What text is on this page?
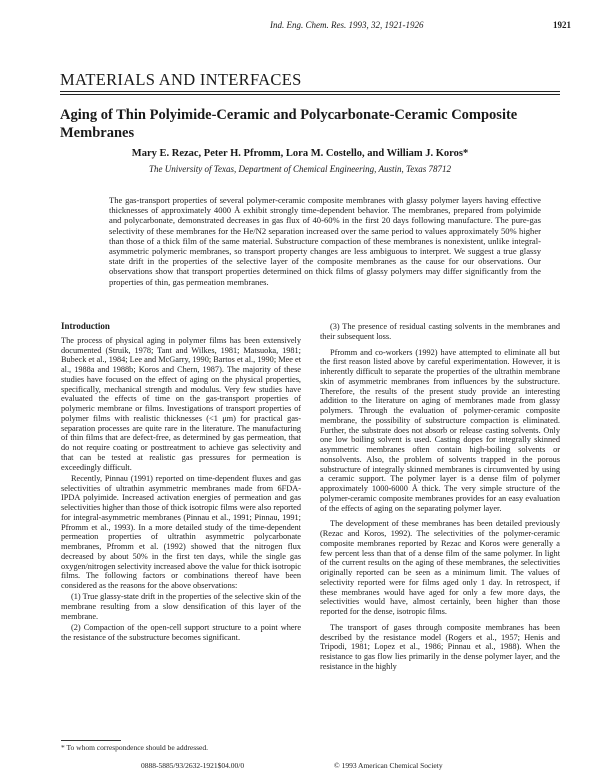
Ind. Eng. Chem. Res. 1993, 32, 1921-1926	1921
MATERIALS AND INTERFACES
Aging of Thin Polyimide-Ceramic and Polycarbonate-Ceramic Composite Membranes
Mary E. Rezac, Peter H. Pfromm, Lora M. Costello, and William J. Koros*
The University of Texas, Department of Chemical Engineering, Austin, Texas 78712

The gas-transport properties of several polymer-ceramic composite membranes with glassy polymer layers having effective thicknesses of approximately 4000 Å exhibit strongly time-dependent behavior. The membranes, prepared from polyimide and polycarbonate, demonstrated decreases in gas flux of 40-60% in the first 20 days following manufacture. The pure-gas selectivity of these membranes for the He/N2 separation increased over the same period to values approximately 50% higher than those of a thick film of the same material. Substructure compaction of these membranes is nonexistent, unlike integral-asymmetric polymeric membranes, so transport property changes are less ambiguous to interpret. We suggest a true glassy state drift in the properties of the selective layer of the composite membranes as the cause for our observations. Our observations show that transport properties determined on thick films of glassy polymers may differ significantly from the properties of thin, gas permeation membranes.

Introduction

The process of physical aging in polymer films has been extensively documented (Struik, 1978; Tant and Wilkes, 1981; Matsuoka, 1981; Bubeck et al., 1984; Lee and McGarry, 1990; Bartos et al., 1990; Mee et al., 1988a and 1988b; Koros and Chern, 1987). The majority of these studies have focused on the effect of aging on the physical properties, specifically, mechanical strength and modulus. Very few studies have evaluated the effects of time on the gas-transport properties of polymeric membrane or films. Investigations of transport properties of polymer films with realistic thicknesses (<1 μm) for practical gas-separation processes are quite rare in the literature. The manufacturing of thin films that are defect-free, as determined by gas permeation, that do not require coating or posttreatment to achieve gas selectivity and that can be tested at realistic gas pressures for permeation is exceedingly difficult.

Recently, Pinnau (1991) reported on time-dependent fluxes and gas selectivities of ultrathin asymmetric membranes made from 6FDA-IPDA polyimide. Increased activation energies of permeation and gas selectivities higher than those of thick isotropic films were also reported for integral-asymmetric membranes (Pinnau et al., 1991; Pinnau, 1991; Pfromm et al., 1993). In a more detailed study of the time-dependent permeation properties of ultrathin asymmetric polycarbonate membranes, Pfromm et al. (1992) showed that the nitrogen flux decreased by about 50% in the first ten days, while the single gas oxygen/nitrogen selectivity increased above the value for thick isotropic films. The following factors or combinations thereof have been considered as the reasons for the above observations:

(1) True glassy-state drift in the properties of the selective skin of the membrane resulting from a slow densification of this layer of the membrane.

(2) Compaction of the open-cell support structure to a point where the resistance of the substructure becomes significant.

(3) The presence of residual casting solvents in the membranes and their subsequent loss.

Pfromm and co-workers (1992) have attempted to eliminate all but the first reason listed above by careful experimentation. However, it is inherently difficult to separate the properties of the ultrathin membrane skin of asymmetric membranes from influences by the substructure. Therefore, the results of the present study provide an interesting addition to the literature on aging of membranes made from glassy polymers. Through the evaluation of polymer-ceramic composite membrane, the possibility of substructure compaction is eliminated. Further, the substrate does not absorb or release casting solvents. Only one low boiling solvent is used. Casting dopes for integrally skinned asymmetric membranes often contain high-boiling solvents or nonsolvents. Also, the problem of solvents trapped in the porous substructure of integrally skinned membranes is circumvented by using a ceramic support. The polymer layer is a dense film of polymer approximately 1000-6000 Å thick. The very simple structure of the polymer-ceramic composite membranes provides for an easy evaluation of the effects of aging on the separating polymer layer.

The development of these membranes has been detailed previously (Rezac and Koros, 1992). The selectivities of the polymer-ceramic composite membranes reported by Rezac and Koros were generally a few percent less than that of a dense film of the same polymer. In light of the current results on the aging of these membranes, the selectivities originally reported can be seen as a minimum limit. The values of selectivity reported were for films aged only 1 day. In retrospect, if these membranes would have aged for only a few more days, the selectivities would have, almost certainly, been higher than those reported for the dense, isotropic films.

The transport of gases through composite membranes has been described by the resistance model (Rogers et al., 1957; Henis and Tripodi, 1981; Lopez et al., 1986; Pinnau et al., 1988). When the resistance to gas flow lies primarily in the dense polymer layer, and the resistance in the highly

* To whom correspondence should be addressed.
0888-5885/93/2632-1921$04.00/0	© 1993 American Chemical Society
